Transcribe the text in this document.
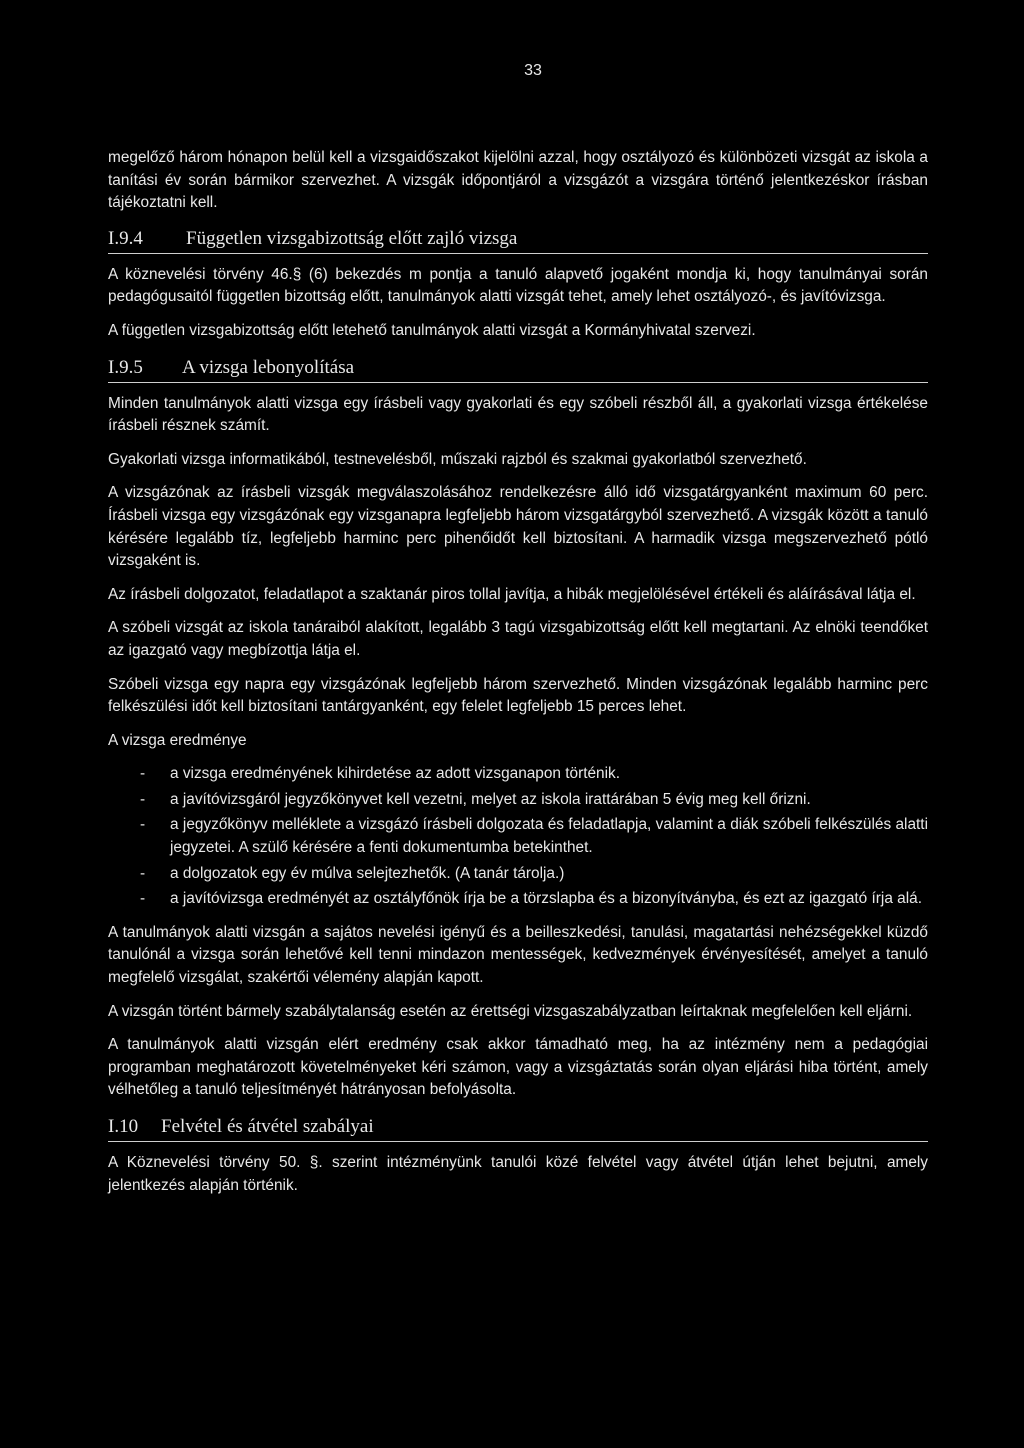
33

megelőző három hónapon belül kell a vizsgaidőszakot kijelölni azzal, hogy osztályozó és különbözeti vizsgát az iskola a tanítási év során bármikor szervezhet. A vizsgák időpontjáról a vizsgázót a vizsgára történő jelentkezéskor írásban tájékoztatni kell.

I.9.4	Független vizsgabizottság előtt zajló vizsga

A köznevelési törvény 46.§ (6) bekezdés m pontja a tanuló alapvető jogaként mondja ki, hogy tanulmányai során pedagógusaitól független bizottság előtt, tanulmányok alatti vizsgát tehet, amely lehet osztályozó-, és javítóvizsga.

A független vizsgabizottság előtt letehető tanulmányok alatti vizsgát a Kormányhivatal szervezi.

I.9.5	A vizsga lebonyolítása

Minden tanulmányok alatti vizsga egy írásbeli vagy gyakorlati és egy szóbeli részből áll, a gyakorlati vizsga értékelése írásbeli résznek számít.

Gyakorlati vizsga informatikából, testnevelésből, műszaki rajzból és szakmai gyakorlatból szervezhető.

A vizsgázónak az írásbeli vizsgák megválaszolásához rendelkezésre álló idő vizsgatárgyanként maximum 60 perc. Írásbeli vizsga egy vizsgázónak egy vizsganapra legfeljebb három vizsgatárgyból szervezhető. A vizsgák között a tanuló kérésére legalább tíz, legfeljebb harminc perc pihenőidőt kell biztosítani. A harmadik vizsga megszervezhető pótló vizsgaként is.

Az írásbeli dolgozatot, feladatlapot a szaktanár piros tollal javítja, a hibák megjelölésével értékeli és aláírásával látja el.

A szóbeli vizsgát az iskola tanáraiból alakított, legalább 3 tagú vizsgabizottság előtt kell megtartani. Az elnöki teendőket az igazgató vagy megbízottja látja el.

Szóbeli vizsga egy napra egy vizsgázónak legfeljebb három szervezhető. Minden vizsgázónak legalább harminc perc felkészülési időt kell biztosítani tantárgyanként, egy felelet legfeljebb 15 perces lehet.

A vizsga eredménye

- a vizsga eredményének kihirdetése az adott vizsganapon történik.
- a javítóvizsgáról jegyzőkönyvet kell vezetni, melyet az iskola irattárában 5 évig meg kell őrizni.
- a jegyzőkönyv melléklete a vizsgázó írásbeli dolgozata és feladatlapja, valamint a diák szóbeli felkészülés alatti jegyzetei. A szülő kérésére a fenti dokumentumba betekinthet.
- a dolgozatok egy év múlva selejtezhetők. (A tanár tárolja.)
- a javítóvizsga eredményét az osztályfőnök írja be a törzslapba és a bizonyítványba, és ezt az igazgató írja alá.

A tanulmányok alatti vizsgán a sajátos nevelési igényű és a beilleszkedési, tanulási, magatartási nehézségekkel küzdő tanulónál a vizsga során lehetővé kell tenni mindazon mentességek, kedvezmények érvényesítését, amelyet a tanuló megfelelő vizsgálat, szakértői vélemény alapján kapott.

A vizsgán történt bármely szabálytalanság esetén az érettségi vizsgaszabályzatban leírtaknak megfelelően kell eljárni.

A tanulmányok alatti vizsgán elért eredmény csak akkor támadható meg, ha az intézmény nem a pedagógiai programban meghatározott követelményeket kéri számon, vagy a vizsgáztatás során olyan eljárási hiba történt, amely vélhetőleg a tanuló teljesítményét hátrányosan befolyásolta.

I.10	Felvétel és átvétel szabályai

A Köznevelési törvény 50. §. szerint intézményünk tanulói közé felvétel vagy átvétel útján lehet bejutni, amely jelentkezés alapján történik.
